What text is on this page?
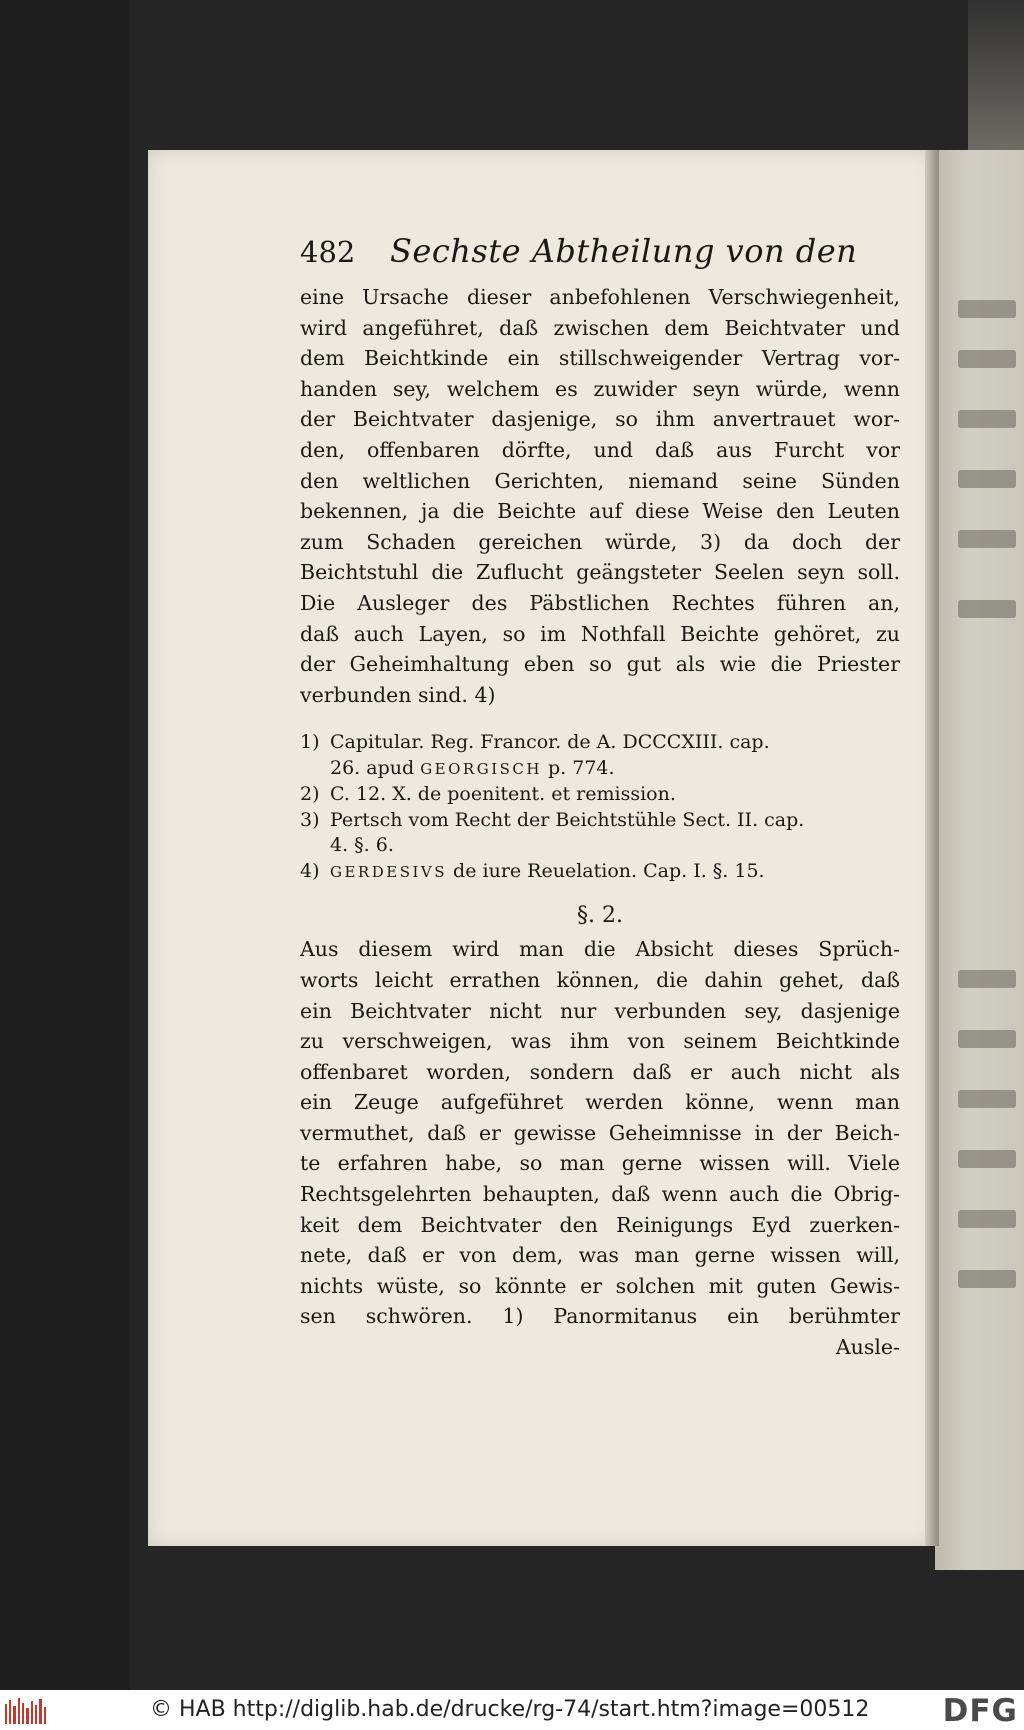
482	Sechste Abtheilung von den
eine Ursache dieser anbefohlenen Verschwiegenheit,
wird angeführet, daß zwischen dem Beichtvater und
dem Beichtkinde ein stillschweigender Vertrag vor-
handen sey, welchem es zuwider seyn würde, wenn
der Beichtvater dasjenige, so ihm anvertrauet wor-
den, offenbaren dörfte, und daß aus Furcht vor
den weltlichen Gerichten, niemand seine Sünden
bekennen, ja die Beichte auf diese Weise den Leuten
zum Schaden gereichen würde, 3) da doch der
Beichtstuhl die Zuflucht geängsteter Seelen seyn soll.
Die Ausleger des Päbstlichen Rechtes führen an,
daß auch Layen, so im Nothfall Beichte gehöret, zu
der Geheimhaltung eben so gut als wie die Priester
verbunden sind. 4)
1) Capitular. Reg. Francor. de A. DCCCXIII. cap.
26. apud GEORGISCH p. 774.
2) C. 12. X. de poenitent. et remission.
3) Pertsch vom Recht der Beichtstühle Sect. II. cap.
4. §. 6.
4) GERDESIVS de iure Reuelation. Cap. I. §. 15.
§. 2.
Aus diesem wird man die Absicht dieses Sprüch-
worts leicht errathen können, die dahin gehet, daß
ein Beichtvater nicht nur verbunden sey, dasjenige
zu verschweigen, was ihm von seinem Beichtkinde
offenbaret worden, sondern daß er auch nicht als
ein Zeuge aufgeführet werden könne, wenn man
vermuthet, daß er gewisse Geheimnisse in der Beich-
te erfahren habe, so man gerne wissen will. Viele
Rechtsgelehrten behaupten, daß wenn auch die Obrig-
keit dem Beichtvater den Reinigungs Eyd zuerken-
nete, daß er von dem, was man gerne wissen will,
nichts wüste, so könnte er solchen mit guten Gewis-
sen schwören. 1) Panormitanus ein berühmter
Ausle-
© HAB http://diglib.hab.de/drucke/rg-74/start.htm?image=00512 DFG
